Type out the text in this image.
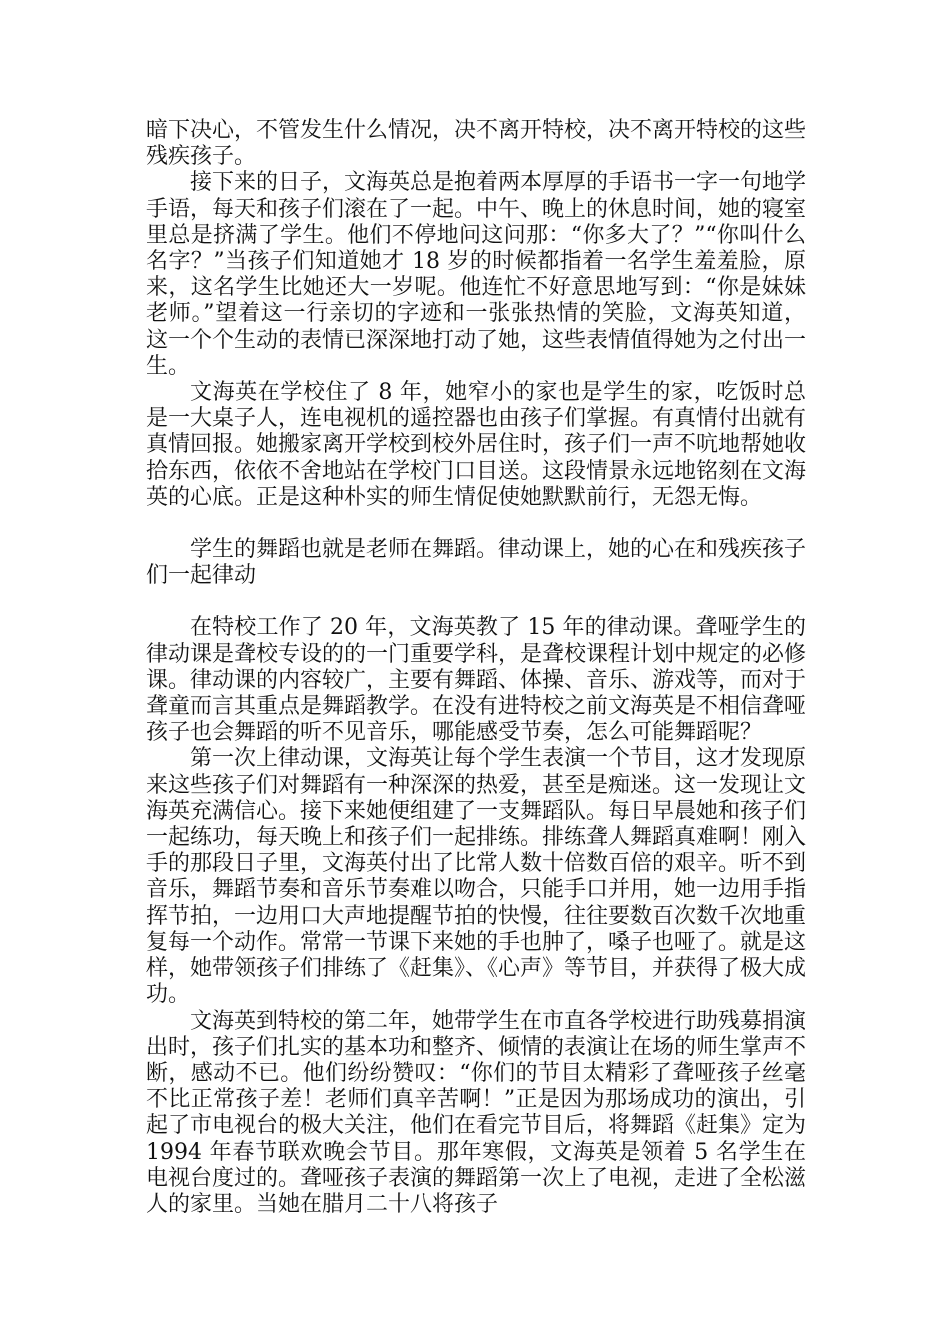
暗下决心，不管发生什么情况，决不离开特校，决不离开特校的这些残疾孩子。

接下来的日子，文海英总是抱着两本厚厚的手语书一字一句地学手语，每天和孩子们滚在了一起。中午、晚上的休息时间，她的寝室里总是挤满了学生。他们不停地问这问那：“你多大了？”“你叫什么名字？”当孩子们知道她才 18 岁的时候都指着一名学生羞羞脸，原来，这名学生比她还大一岁呢。他连忙不好意思地写到：“你是妹妹老师。”望着这一行亲切的字迹和一张张热情的笑脸，文海英知道，这一个个生动的表情已深深地打动了她，这些表情值得她为之付出一生。

文海英在学校住了 8 年，她窄小的家也是学生的家，吃饭时总是一大桌子人，连电视机的遥控器也由孩子们掌握。有真情付出就有真情回报。她搬家离开学校到校外居住时，孩子们一声不吭地帮她收拾东西，依依不舍地站在学校门口目送。这段情景永远地铭刻在文海英的心底。正是这种朴实的师生情促使她默默前行，无怨无悔。

学生的舞蹈也就是老师在舞蹈。律动课上，她的心在和残疾孩子们一起律动

在特校工作了 20 年，文海英教了 15 年的律动课。聋哑学生的律动课是聋校专设的的一门重要学科，是聋校课程计划中规定的必修课。律动课的内容较广，主要有舞蹈、体操、音乐、游戏等，而对于聋童而言其重点是舞蹈教学。在没有进特校之前文海英是不相信聋哑孩子也会舞蹈的听不见音乐，哪能感受节奏，怎么可能舞蹈呢？

第一次上律动课，文海英让每个学生表演一个节目，这才发现原来这些孩子们对舞蹈有一种深深的热爱，甚至是痴迷。这一发现让文海英充满信心。接下来她便组建了一支舞蹈队。每日早晨她和孩子们一起练功，每天晚上和孩子们一起排练。排练聋人舞蹈真难啊！刚入手的那段日子里，文海英付出了比常人数十倍数百倍的艰辛。听不到音乐，舞蹈节奏和音乐节奏难以吻合，只能手口并用，她一边用手指挥节拍，一边用口大声地提醒节拍的快慢，往往要数百次数千次地重复每一个动作。常常一节课下来她的手也肿了，嗓子也哑了。就是这样，她带领孩子们排练了《赶集》、《心声》等节目，并获得了极大成功。

文海英到特校的第二年，她带学生在市直各学校进行助残募捐演出时，孩子们扎实的基本功和整齐、倾情的表演让在场的师生掌声不断，感动不已。他们纷纷赞叹：“你们的节目太精彩了聋哑孩子丝毫不比正常孩子差！老师们真辛苦啊！”正是因为那场成功的演出，引起了市电视台的极大关注，他们在看完节目后，将舞蹈《赶集》定为 1994 年春节联欢晚会节目。那年寒假，文海英是领着 5 名学生在电视台度过的。聋哑孩子表演的舞蹈第一次上了电视，走进了全松滋人的家里。当她在腊月二十八将孩子
